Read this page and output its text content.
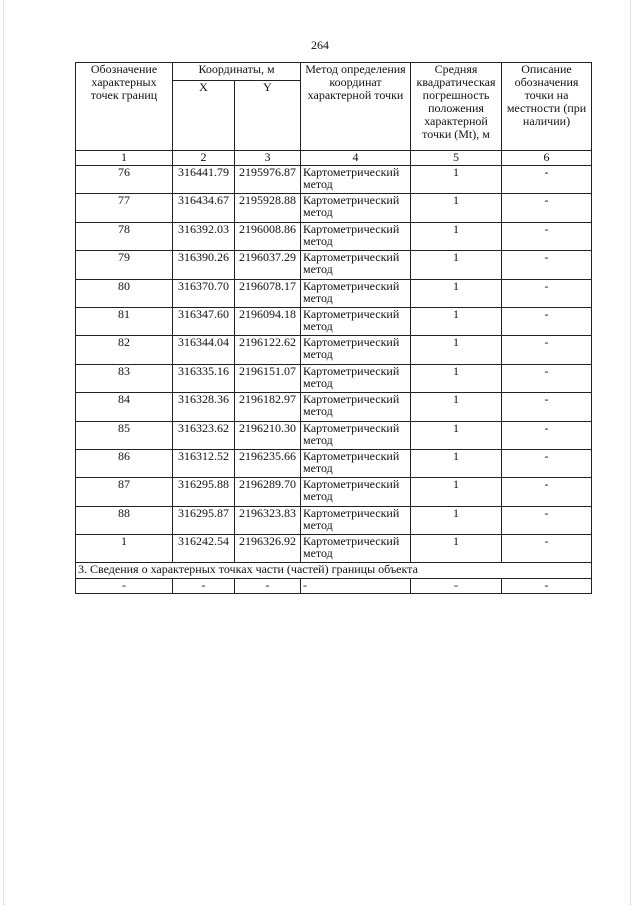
264
Обозначение характерных точек границ	Координаты, м		Метод определения координат характерной точки	Средняя квадратическая погрешность положения характерной точки (Mt), м	Описание обозначения точки на местности (при наличии)
	X	Y			
1	2	3	4	5	6
76	316441.79	2195976.87	Картометрический метод	1	-
77	316434.67	2195928.88	Картометрический метод	1	-
78	316392.03	2196008.86	Картометрический метод	1	-
79	316390.26	2196037.29	Картометрический метод	1	-
80	316370.70	2196078.17	Картометрический метод	1	-
81	316347.60	2196094.18	Картометрический метод	1	-
82	316344.04	2196122.62	Картометрический метод	1	-
83	316335.16	2196151.07	Картометрический метод	1	-
84	316328.36	2196182.97	Картометрический метод	1	-
85	316323.62	2196210.30	Картометрический метод	1	-
86	316312.52	2196235.66	Картометрический метод	1	-
87	316295.88	2196289.70	Картометрический метод	1	-
88	316295.87	2196323.83	Картометрический метод	1	-
1	316242.54	2196326.92	Картометрический метод	1	-
3. Сведения о характерных точках части (частей) границы объекта					
-	-	-	-	-	-
